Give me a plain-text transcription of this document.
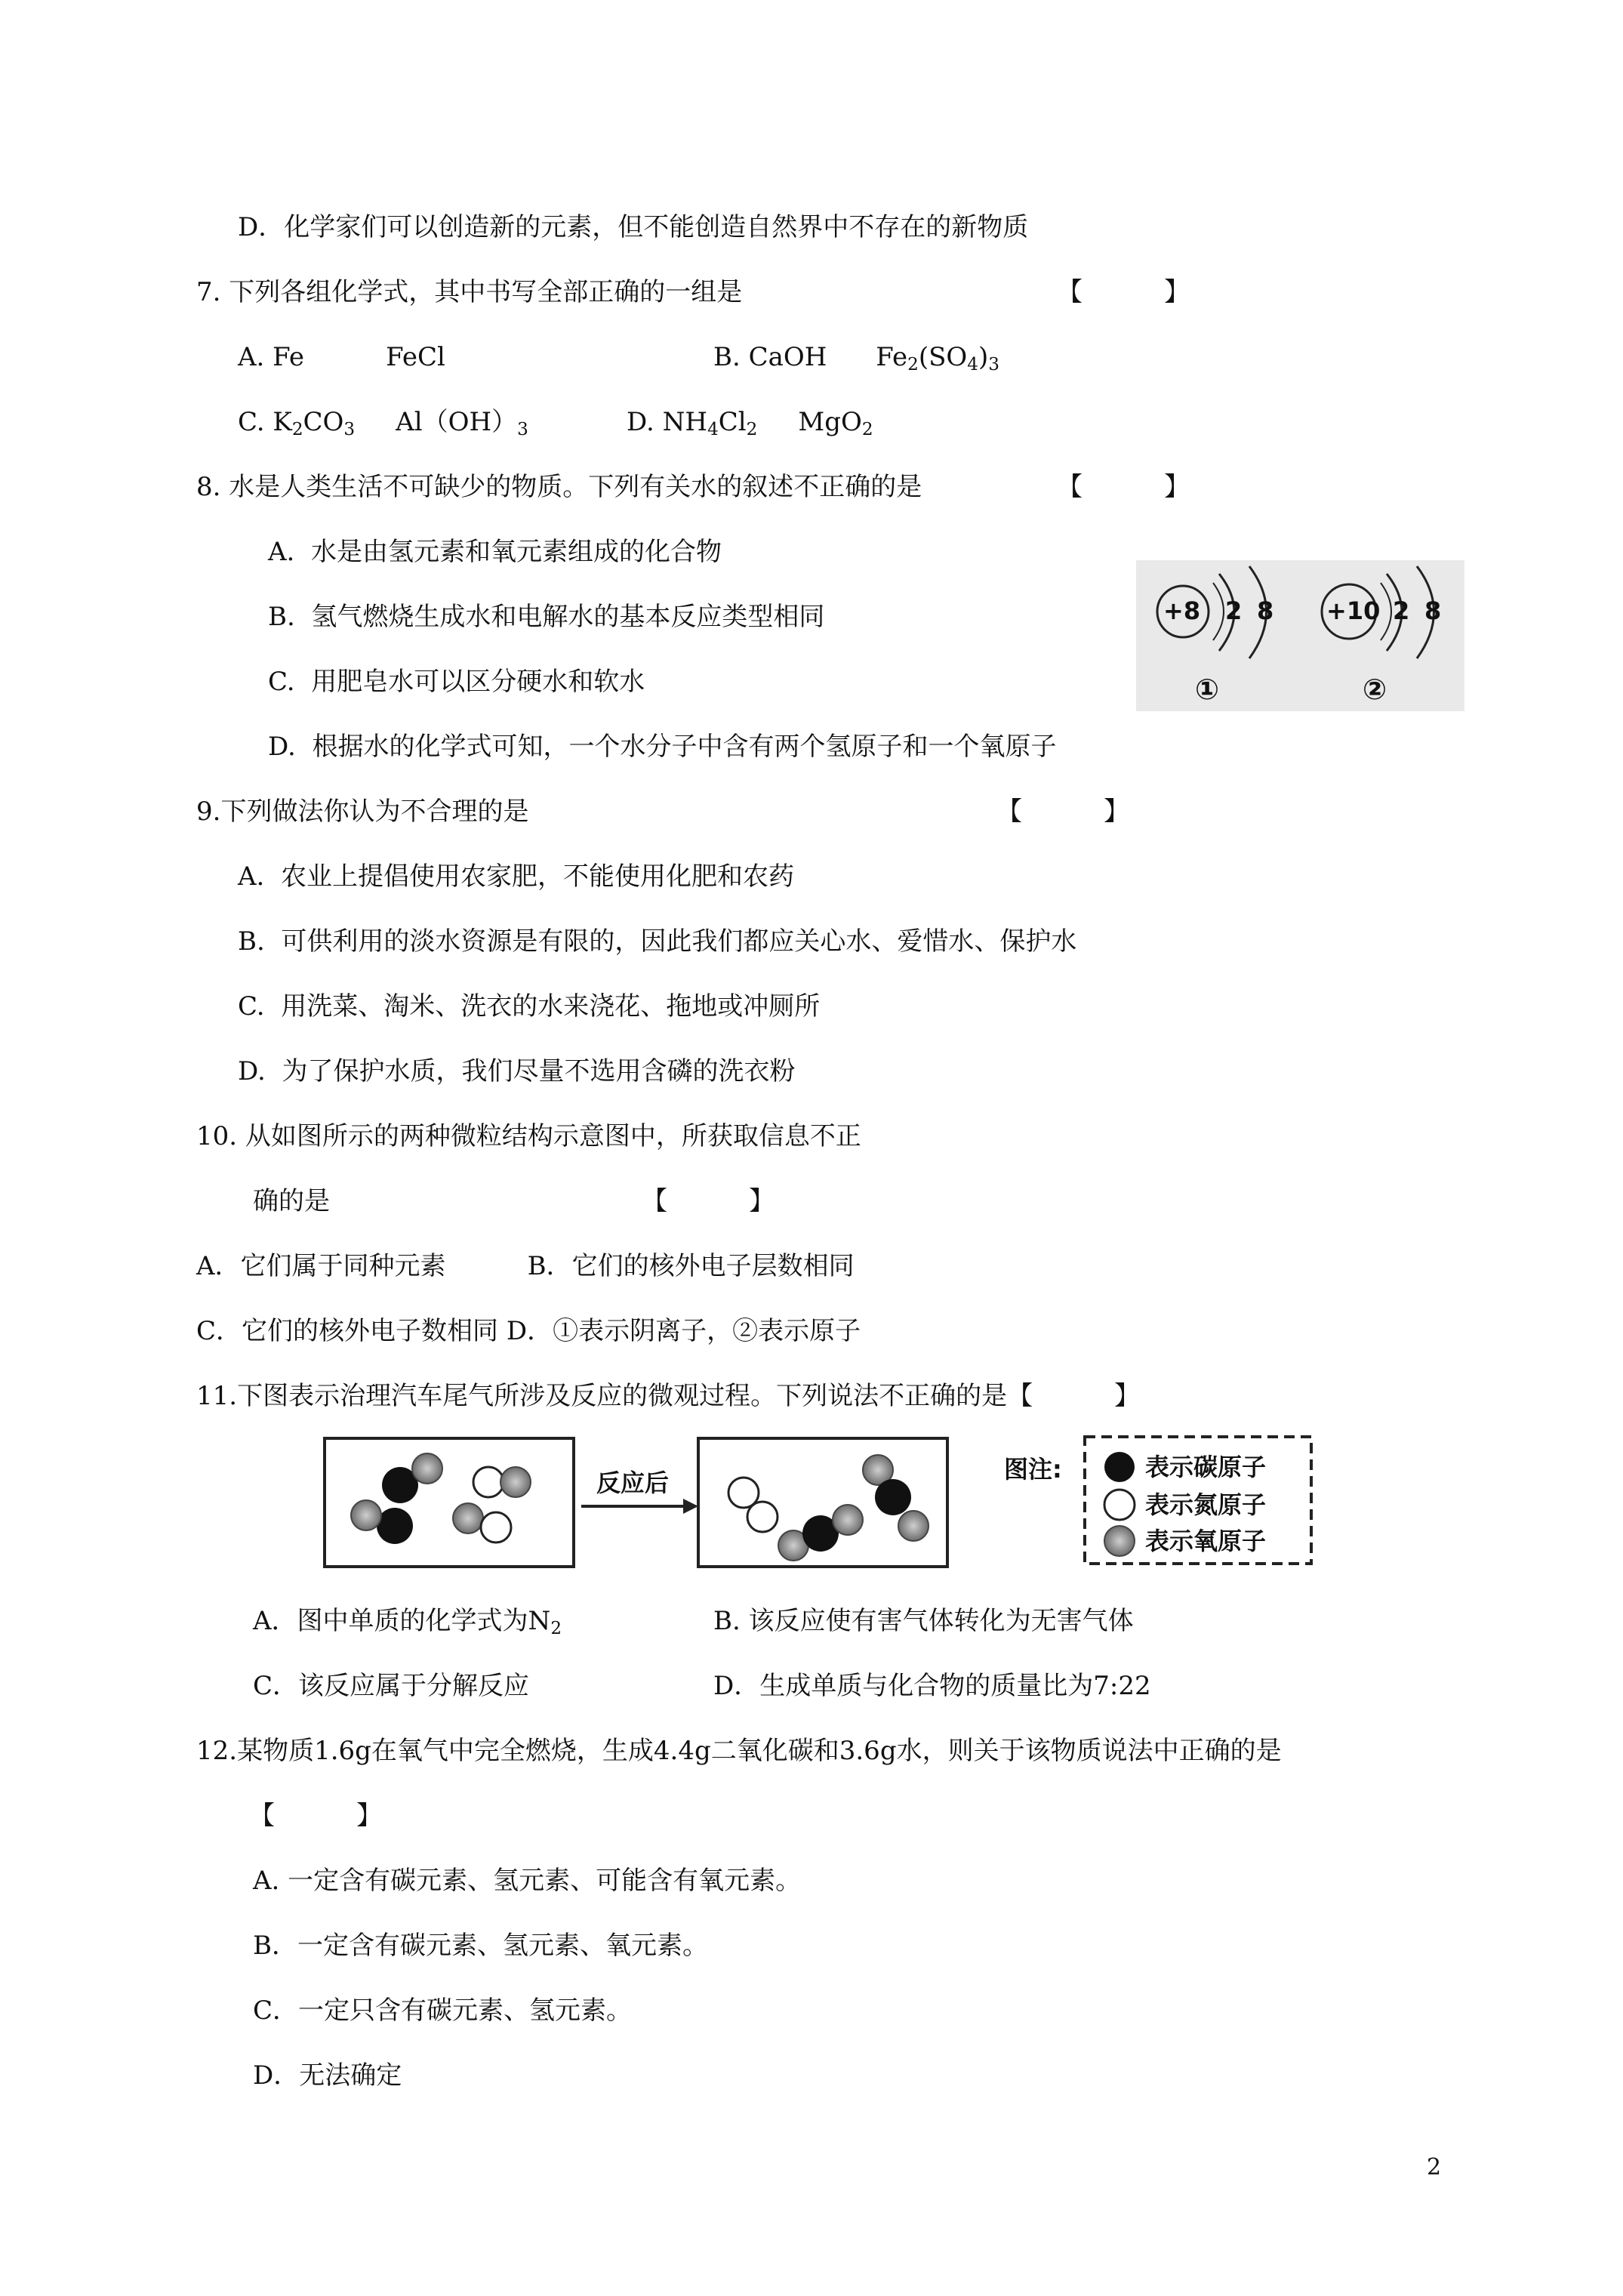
D．化学家们可以创造新的元素，但不能创造自然界中不存在的新物质
7. 下列各组化学式，其中书写全部正确的一组是	【          】
A. Fe          FeCl	B. CaOH      $Fe_2(SO_4)_3$
C. $K_2CO_3$     $Al(OH)_3$	D. $NH_4Cl_2$     MgO$_2$
8. 水是人类生活不可缺少的物质。下列有关水的叙述不正确的是	【          】
A.  水是由氢元素和氧元素组成的化合物
B.  氢气燃烧生成水和电解水的基本反应类型相同
C.  用肥皂水可以区分硬水和软水
D.  根据水的化学式可知，一个水分子中含有两个氢原子和一个氧原子
+8 2 8
①
+10 2 8
②
9.下列做法你认为不合理的是	【          】
A.  农业上提倡使用农家肥，不能使用化肥和农药
B.  可供利用的淡水资源是有限的，因此我们都应关心水、爱惜水、保护水
C.  用洗菜、淘米、洗衣的水来浇花、拖地或冲厕所
D.  为了保护水质，我们尽量不选用含磷的洗衣粉
10. 从如图所示的两种微粒结构示意图中，所获取信息不正
确的是	【          】
A．它们属于同种元素          B．它们的核外电子层数相同
C．它们的核外电子数相同 D．①表示阴离子，②表示原子
11.下图表示治理汽车尾气所涉及反应的微观过程。下列说法不正确的是【          】
反应后	图注:	表示碳原子
表示氮原子
表示氧原子
A．图中单质的化学式为$N_2$	B. 该反应使有害气体转化为无害气体
C．该反应属于分解反应	D．生成单质与化合物的质量比为7:22
12.某物质1.6g在氧气中完全燃烧，生成4.4g二氧化碳和3.6g水，则关于该物质说法中正确的是
【          】
A. 一定含有碳元素、氢元素、可能含有氧元素。
B．一定含有碳元素、氢元素、氧元素。
C．一定只含有碳元素、氢元素。
D．无法确定
2
